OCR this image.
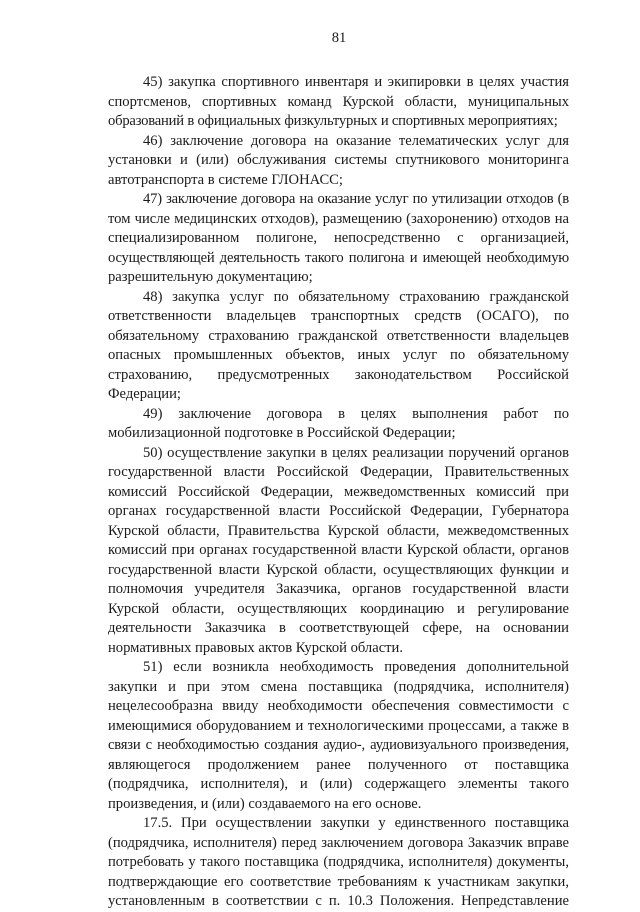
81

45) закупка спортивного инвентаря и экипировки в целях участия
спортсменов, спортивных команд Курской области, муниципальных
образований в официальных физкультурных и спортивных мероприятиях;

46) заключение договора на оказание телематических услуг для
установки и (или) обслуживания системы спутникового мониторинга
автотранспорта в системе ГЛОНАСС;

47) заключение договора на оказание услуг по утилизации отходов (в
том числе медицинских отходов), размещению (захоронению) отходов на
специализированном полигоне, непосредственно с организацией,
осуществляющей деятельность такого полигона и имеющей необходимую
разрешительную документацию;

48) закупка услуг по обязательному страхованию гражданской
ответственности владельцев транспортных средств (ОСАГО), по
обязательному страхованию гражданской ответственности владельцев
опасных промышленных объектов, иных услуг по обязательному
страхованию, предусмотренных законодательством Российской
Федерации;

49) заключение договора в целях выполнения работ по
мобилизационной подготовке в Российской Федерации;

50) осуществление закупки в целях реализации поручений органов
государственной власти Российской Федерации, Правительственных
комиссий Российской Федерации, межведомственных комиссий при
органах государственной власти Российской Федерации, Губернатора
Курской области, Правительства Курской области, межведомственных
комиссий при органах государственной власти Курской области, органов
государственной власти Курской области, осуществляющих функции и
полномочия учредителя Заказчика, органов государственной власти
Курской области, осуществляющих координацию и регулирование
деятельности Заказчика в соответствующей сфере, на основании
нормативных правовых актов Курской области.

51) если возникла необходимость проведения дополнительной
закупки и при этом смена поставщика (подрядчика, исполнителя)
нецелесообразна ввиду необходимости обеспечения совместимости с
имеющимися оборудованием и технологическими процессами, а также в
связи с необходимостью создания аудио-, аудиовизуального произведения,
являющегося продолжением ранее полученного от поставщика
(подрядчика, исполнителя), и (или) содержащего элементы такого
произведения, и (или) создаваемого на его основе.

17.5. При осуществлении закупки у единственного поставщика
(подрядчика, исполнителя) перед заключением договора Заказчик вправе
потребовать у такого поставщика (подрядчика, исполнителя) документы,
подтверждающие его соответствие требованиям к участникам закупки,
установленным в соответствии с п. 10.3 Положения. Непредставление
